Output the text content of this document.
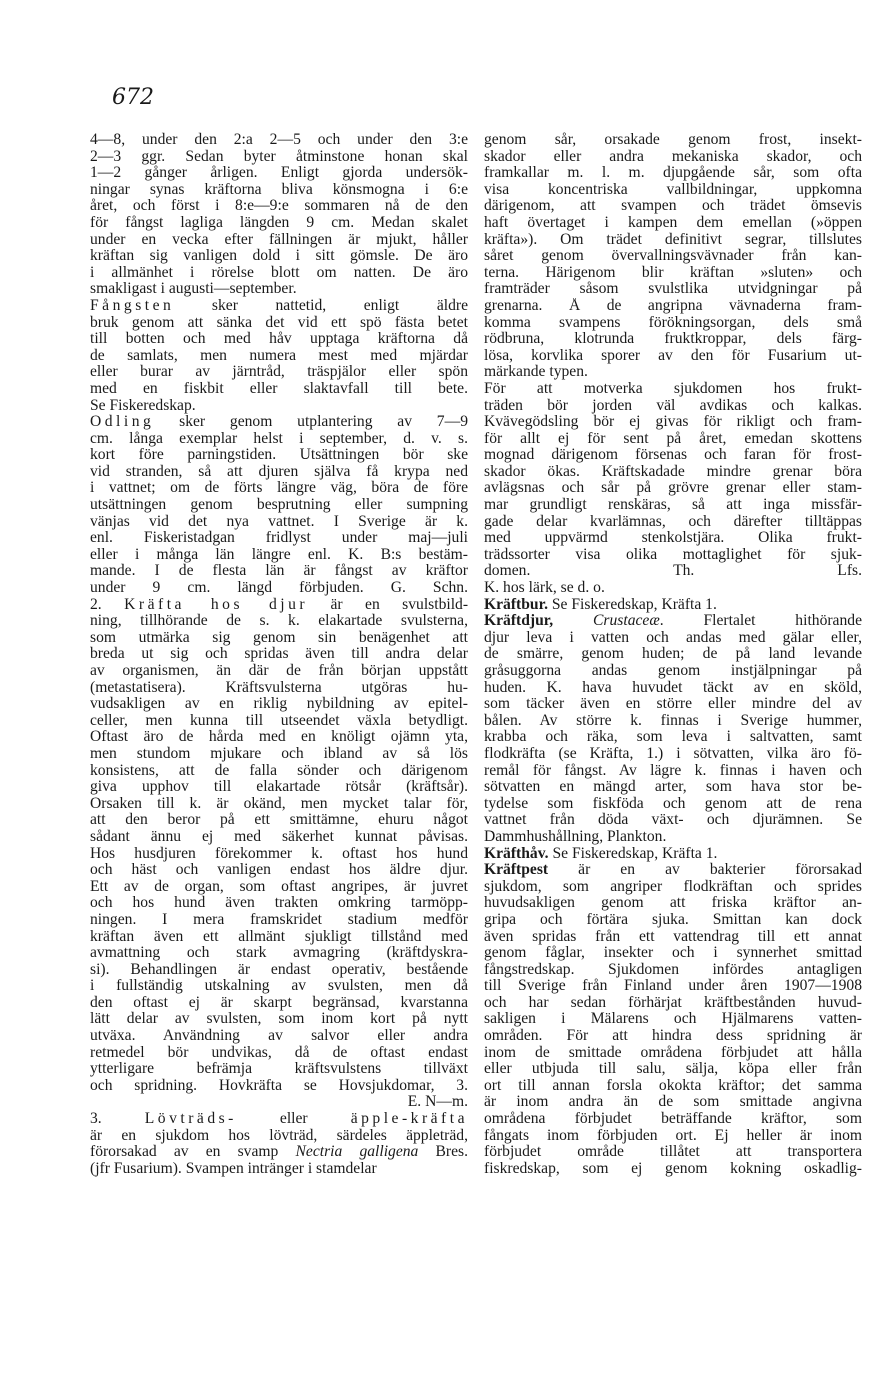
672
4—8, under den 2:a 2—5 och under den 3:e
2—3 ggr. Sedan byter åtminstone honan skal
1—2 gånger årligen. Enligt gjorda undersök-
ningar synas kräftorna bliva könsmogna i 6:e
året, och först i 8:e—9:e sommaren nå de den
för fångst lagliga längden 9 cm. Medan skalet
under en vecka efter fällningen är mjukt, håller
kräftan sig vanligen dold i sitt gömsle. De äro
i allmänhet i rörelse blott om natten. De äro
smakligast i augusti—september.
Fångsten sker nattetid, enligt äldre
bruk genom att sänka det vid ett spö fästa betet
till botten och med håv upptaga kräftorna då
de samlats, men numera mest med mjärdar
eller burar av järntråd, träspjälor eller spön
med en fiskbit eller slaktavfall till bete.
Se Fiskeredskap.
Odling sker genom utplantering av 7—9
cm. långa exemplar helst i september, d. v. s.
kort före parningstiden. Utsättningen bör ske
vid stranden, så att djuren själva få krypa ned
i vattnet; om de förts längre väg, böra de före
utsättningen genom besprutning eller sumpning
vänjas vid det nya vattnet. I Sverige är k.
enl. Fiskeristadgan fridlyst under maj—juli
eller i många län längre enl. K. B:s bestäm-
mande. I de flesta län är fångst av kräftor
under 9 cm. längd förbjuden. G. Schn.
2. Kräfta hos djur är en svulstbild-
ning, tillhörande de s. k. elakartade svulsterna,
som utmärka sig genom sin benägenhet att
breda ut sig och spridas även till andra delar
av organismen, än där de från början uppstått
(metastatisera). Kräftsvulsterna utgöras hu-
vudsakligen av en riklig nybildning av epitel-
celler, men kunna till utseendet växla betydligt.
Oftast äro de hårda med en knöligt ojämn yta,
men stundom mjukare och ibland av så lös
konsistens, att de falla sönder och därigenom
giva upphov till elakartade rötsår (kräftsår).
Orsaken till k. är okänd, men mycket talar för,
att den beror på ett smittämne, ehuru något
sådant ännu ej med säkerhet kunnat påvisas.
Hos husdjuren förekommer k. oftast hos hund
och häst och vanligen endast hos äldre djur.
Ett av de organ, som oftast angripes, är juvret
och hos hund även trakten omkring tarmöpp-
ningen. I mera framskridet stadium medför
kräftan även ett allmänt sjukligt tillstånd med
avmattning och stark avmagring (kräftdyskra-
si). Behandlingen är endast operativ, bestående
i fullständig utskalning av svulsten, men då
den oftast ej är skarpt begränsad, kvarstanna
lätt delar av svulsten, som inom kort på nytt
utväxa. Användning av salvor eller andra
retmedel bör undvikas, då de oftast endast
ytterligare befrämja kräftsvulstens tillväxt
och spridning. Hovkräfta se Hovsjukdomar, 3.
E. N—m.
3. Lövträds- eller äpple-kräfta
är en sjukdom hos lövträd, särdeles äppleträd,
förorsakad av en svamp Nectria galligena Bres.
(jfr Fusarium). Svampen intränger i stamdelar
genom sår, orsakade genom frost, insekt-
skador eller andra mekaniska skador, och
framkallar m. l. m. djupgående sår, som ofta
visa koncentriska vallbildningar, uppkomna
därigenom, att svampen och trädet ömsevis
haft övertaget i kampen dem emellan (»öppen
kräfta»). Om trädet definitivt segrar, tillslutes
såret genom övervallningsvävnader från kan-
terna. Härigenom blir kräftan »sluten» och
framträder såsom svulstlika utvidgningar på
grenarna. Å de angripna vävnaderna fram-
komma svampens förökningsorgan, dels små
rödbruna, klotrunda fruktkroppar, dels färg-
lösa, korvlika sporer av den för Fusarium ut-
märkande typen.
För att motverka sjukdomen hos frukt-
träden bör jorden väl avdikas och kalkas.
Kvävegödsling bör ej givas för rikligt och fram-
för allt ej för sent på året, emedan skottens
mognad därigenom försenas och faran för frost-
skador ökas. Kräftskadade mindre grenar böra
avlägsnas och sår på grövre grenar eller stam-
mar grundligt renskäras, så att inga missfär-
gade delar kvarlämnas, och därefter tilltäppas
med uppvärmd stenkolstjära. Olika frukt-
trädssorter visa olika mottaglighet för sjuk-
domen. Th. Lfs.
K. hos lärk, se d. o.
Kräftbur. Se Fiskeredskap, Kräfta 1.
Kräftdjur,	Crustaceæ. Flertalet hithörande
djur leva i vatten och andas med gälar eller,
de smärre, genom huden; de på land levande
gråsuggorna andas genom instjälpningar på
huden. K. hava huvudet täckt av en sköld,
som täcker även en större eller mindre del av
bålen. Av större k. finnas i Sverige hummer,
krabba och räka, som leva i saltvatten, samt
flodkräfta (se Kräfta, 1.) i sötvatten, vilka äro fö-
remål för fångst. Av lägre k. finnas i haven och
sötvatten en mängd arter, som hava stor be-
tydelse som fiskföda och genom att de rena
vattnet från döda växt- och djurämnen. Se
Dammhushållning, Plankton.
Kräfthåv. Se Fiskeredskap, Kräfta 1.
Kräftpest är en av bakterier förorsakad
sjukdom, som angriper flodkräftan och sprides
huvudsakligen genom att friska kräftor an-
gripa och förtära sjuka. Smittan kan dock
även spridas från ett vattendrag till ett annat
genom fåglar, insekter och i synnerhet smittad
fångstredskap. Sjukdomen infördes antagligen
till Sverige från Finland under åren 1907—1908
och har sedan förhärjat kräftbestånden huvud-
sakligen i Mälarens och Hjälmarens vatten-
områden. För att hindra dess spridning är
inom de smittade områdena förbjudet att hålla
eller utbjuda till salu, sälja, köpa eller från
ort till annan forsla okokta kräftor; det samma
är inom andra än de som smittade angivna
områdena förbjudet beträffande kräftor, som
fångats inom förbjuden ort. Ej heller är inom
förbjudet område tillåtet att transportera
fiskredskap, som ej genom kokning oskadlig-
